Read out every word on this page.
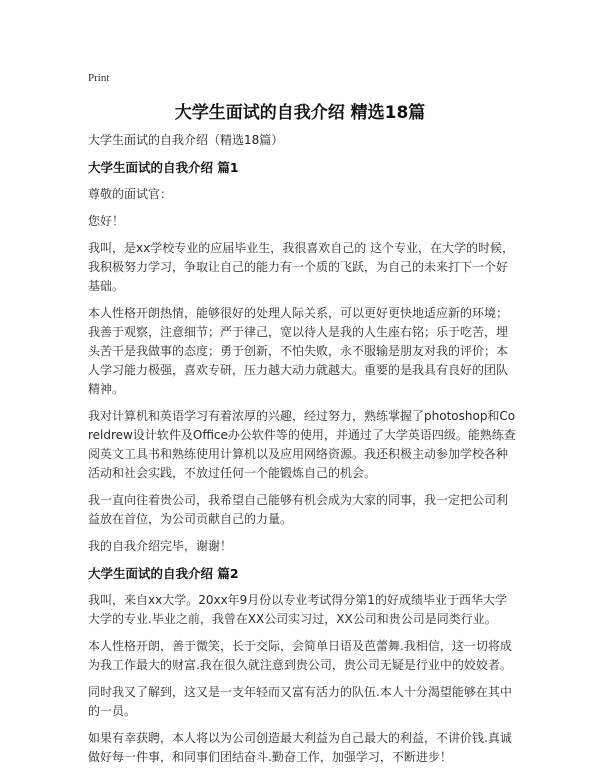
Print
大学生面试的自我介绍 精选18篇

大学生面试的自我介绍（精选18篇）

大学生面试的自我介绍 篇1

尊敬的面试官：

您好！

我叫，是xx学校专业的应届毕业生，我很喜欢自己的 这个专业，在大学的时候，我积极努力学习，争取让自己的能力有一个质的飞跃，为自己的未来打下一个好基础。

本人性格开朗热情，能够很好的处理人际关系，可以更好更快地适应新的环境；我善于观察，注意细节；严于律己，宽以待人是我的人生座右铭；乐于吃苦，埋头苦干是我做事的态度；勇于创新，不怕失败，永不服输是朋友对我的评价；本人学习能力极强，喜欢专研，压力越大动力就越大。重要的是我具有良好的团队精神。

我对计算机和英语学习有着浓厚的兴趣，经过努力，熟练掌握了photoshop和Coreldrew设计软件及Office办公软件等的使用，并通过了大学英语四级。能熟练查阅英文工具书和熟练使用计算机以及应用网络资源。我还积极主动参加学校各种活动和社会实践，不放过任何一个能锻炼自己的机会。

我一直向往着贵公司，我希望自己能够有机会成为大家的同事，我一定把公司利益放在首位，为公司贡献自己的力量。

我的自我介绍完毕，谢谢！

大学生面试的自我介绍 篇2

我叫，来自xx大学。20xx年9月份以专业考试得分第1的好成绩毕业于西华大学大学的专业.毕业之前，我曾在XX公司实习过，XX公司和贵公司是同类行业。

本人性格开朗，善于微笑，长于交际，会简单日语及芭蕾舞.我相信，这一切将成为我工作最大的财富.我在很久就注意到贵公司，贵公司无疑是行业中的姣姣者。

同时我又了解到，这又是一支年轻而又富有活力的队伍.本人十分渴望能够在其中的一员。

如果有幸获聘，本人将以为公司创造最大利益为自己最大的利益，不讲价钱.真诚做好每一件事，和同事们团结奋斗.勤奋工作，加强学习，不断进步！
